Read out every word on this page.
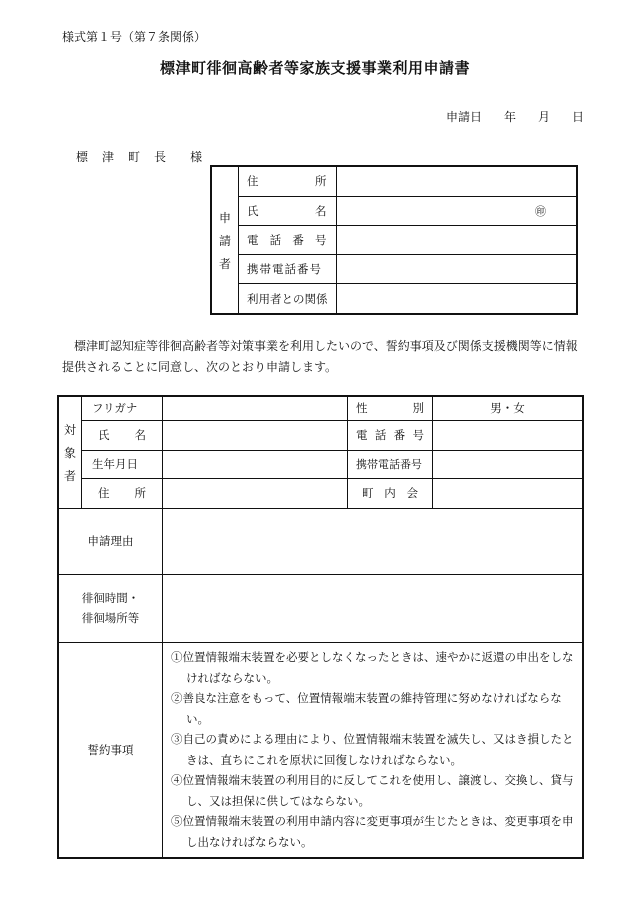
様式第１号（第７条関係）
標津町徘徊高齢者等家族支援事業利用申請書
申請日 年 月 日
標 津 町 長 様
申
請
者	住 所	

	氏 名	㊞

	電 話 番 号	

	携帯電話番号	
	利用者との関係	
標津町認知症等徘徊高齢者等対策事業を利用したいので、誓約事項及び関係支援機関等に情報提供されることに同意し、次のとおり申請します。
対
象
者	フリガナ		性 別	男・女

	氏 名		電 話 番 号	

	生年月日		携帯電話番号	

	住 所		町 内 会	

申請理由				

徘徊時間・
徘徊場所等				

誓約事項		①位置情報端末装置を必要としなくなったときは、速やかに返還の申出をしなければならない。
②善良な注意をもって、位置情報端末装置の維持管理に努めなければならない。
③自己の責めによる理由により、位置情報端末装置を滅失し、又はき損したときは、直ちにこれを原状に回復しなければならない。
④位置情報端末装置の利用目的に反してこれを使用し、譲渡し、交換し、貸与し、又は担保に供してはならない。
⑤位置情報端末装置の利用申請内容に変更事項が生じたときは、変更事項を申し出なければならない。		
